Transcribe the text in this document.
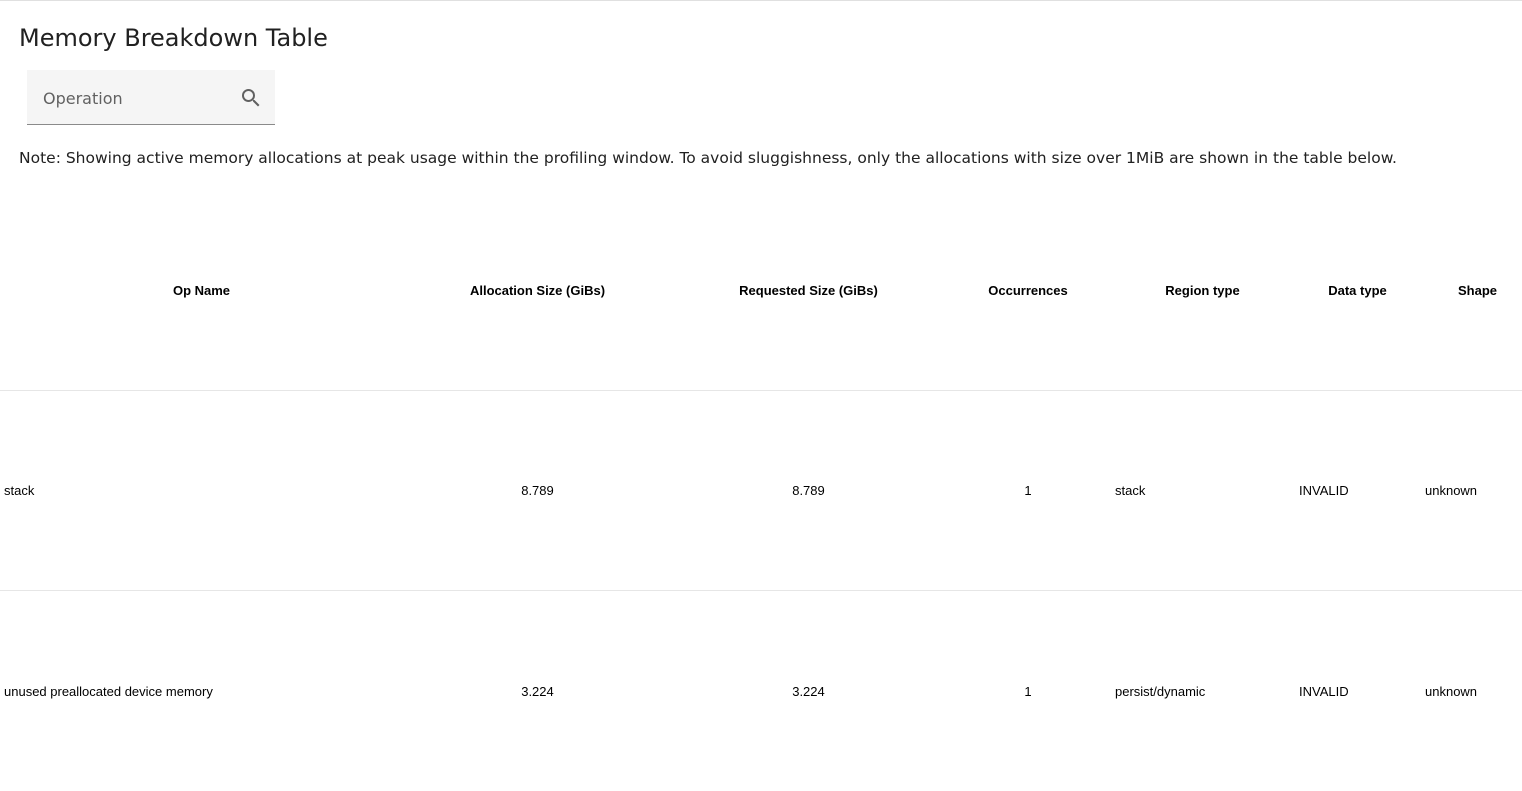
Memory Breakdown Table
Operation
Note: Showing active memory allocations at peak usage within the profiling window. To avoid sluggishness, only the allocations with size over 1MiB are shown in the table below.
Op Name	Allocation Size (GiBs)	Requested Size (GiBs)	Occurrences	Region type	Data type	Shape
stack	8.789	8.789	1	stack	INVALID	unknown
unused preallocated device memory	3.224	3.224	1	persist/dynamic	INVALID	unknown
